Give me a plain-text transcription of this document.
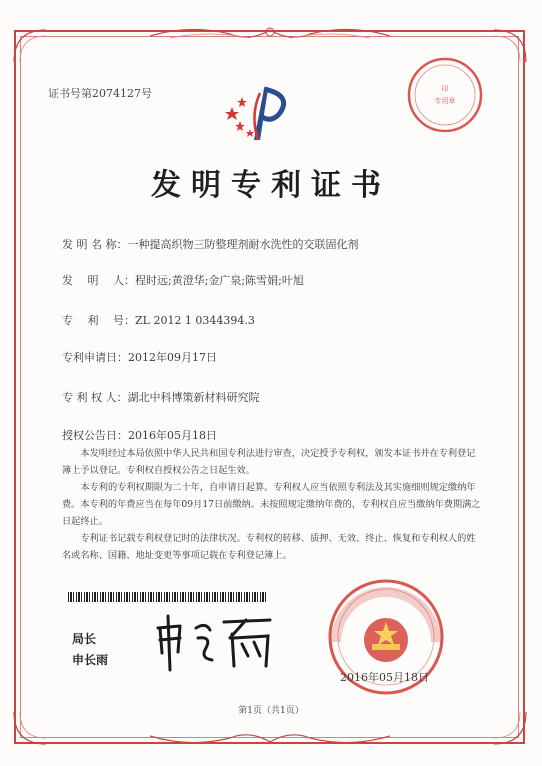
证书号第2074127号	印
专用章
发明专利证书
发 明 名 称：一种提高织物三防整理剂耐水洗性的交联固化剂
发　 明　 人：程时远;黄澄华;金广泉;陈雪娟;叶旭
专　 利　 号：ZL 2012 1 0344394.3
专利申请日：2012年09月17日
专 利 权 人：湖北中科博策新材料研究院
授权公告日：2016年05月18日

本发明经过本局依照中华人民共和国专利法进行审查，决定授予专利权，颁发本证书并在专利登记簿上予以登记。专利权自授权公告之日起生效。

本专利的专利权期限为二十年，自申请日起算。专利权人应当依照专利法及其实施细则规定缴纳年费。本专利的年费应当在每年09月17日前缴纳。未按照规定缴纳年费的，专利权自应当缴纳年费期满之日起终止。

专利证书记载专利权登记时的法律状况。专利权的转移、质押、无效、终止、恢复和专利权人的姓名或名称、国籍、地址变更等事项记载在专利登记簿上。

局长
申长雨
2016年05月18日
第1页（共1页）
